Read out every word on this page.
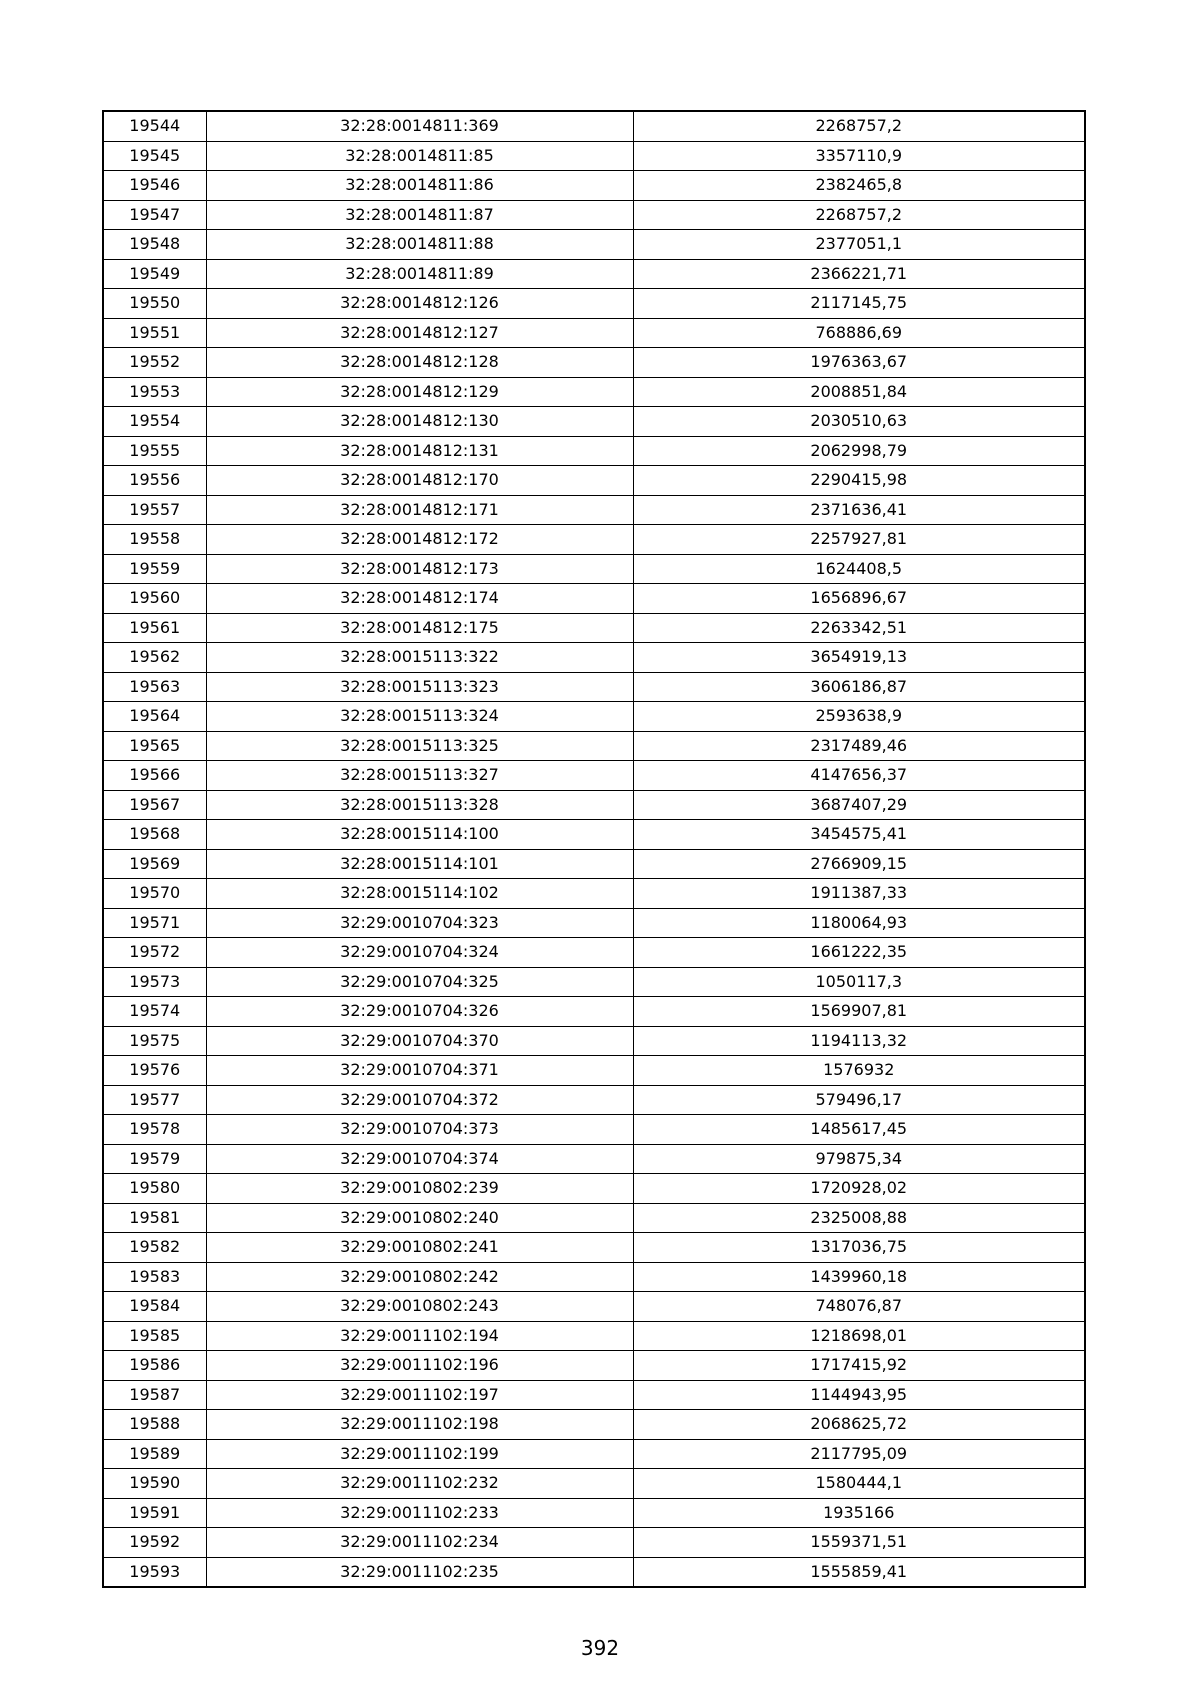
19544	32:28:0014811:369	2268757,2
19545	32:28:0014811:85	3357110,9
19546	32:28:0014811:86	2382465,8
19547	32:28:0014811:87	2268757,2
19548	32:28:0014811:88	2377051,1
19549	32:28:0014811:89	2366221,71
19550	32:28:0014812:126	2117145,75
19551	32:28:0014812:127	768886,69
19552	32:28:0014812:128	1976363,67
19553	32:28:0014812:129	2008851,84
19554	32:28:0014812:130	2030510,63
19555	32:28:0014812:131	2062998,79
19556	32:28:0014812:170	2290415,98
19557	32:28:0014812:171	2371636,41
19558	32:28:0014812:172	2257927,81
19559	32:28:0014812:173	1624408,5
19560	32:28:0014812:174	1656896,67
19561	32:28:0014812:175	2263342,51
19562	32:28:0015113:322	3654919,13
19563	32:28:0015113:323	3606186,87
19564	32:28:0015113:324	2593638,9
19565	32:28:0015113:325	2317489,46
19566	32:28:0015113:327	4147656,37
19567	32:28:0015113:328	3687407,29
19568	32:28:0015114:100	3454575,41
19569	32:28:0015114:101	2766909,15
19570	32:28:0015114:102	1911387,33
19571	32:29:0010704:323	1180064,93
19572	32:29:0010704:324	1661222,35
19573	32:29:0010704:325	1050117,3
19574	32:29:0010704:326	1569907,81
19575	32:29:0010704:370	1194113,32
19576	32:29:0010704:371	1576932
19577	32:29:0010704:372	579496,17
19578	32:29:0010704:373	1485617,45
19579	32:29:0010704:374	979875,34
19580	32:29:0010802:239	1720928,02
19581	32:29:0010802:240	2325008,88
19582	32:29:0010802:241	1317036,75
19583	32:29:0010802:242	1439960,18
19584	32:29:0010802:243	748076,87
19585	32:29:0011102:194	1218698,01
19586	32:29:0011102:196	1717415,92
19587	32:29:0011102:197	1144943,95
19588	32:29:0011102:198	2068625,72
19589	32:29:0011102:199	2117795,09
19590	32:29:0011102:232	1580444,1
19591	32:29:0011102:233	1935166
19592	32:29:0011102:234	1559371,51
19593	32:29:0011102:235	1555859,41
392
